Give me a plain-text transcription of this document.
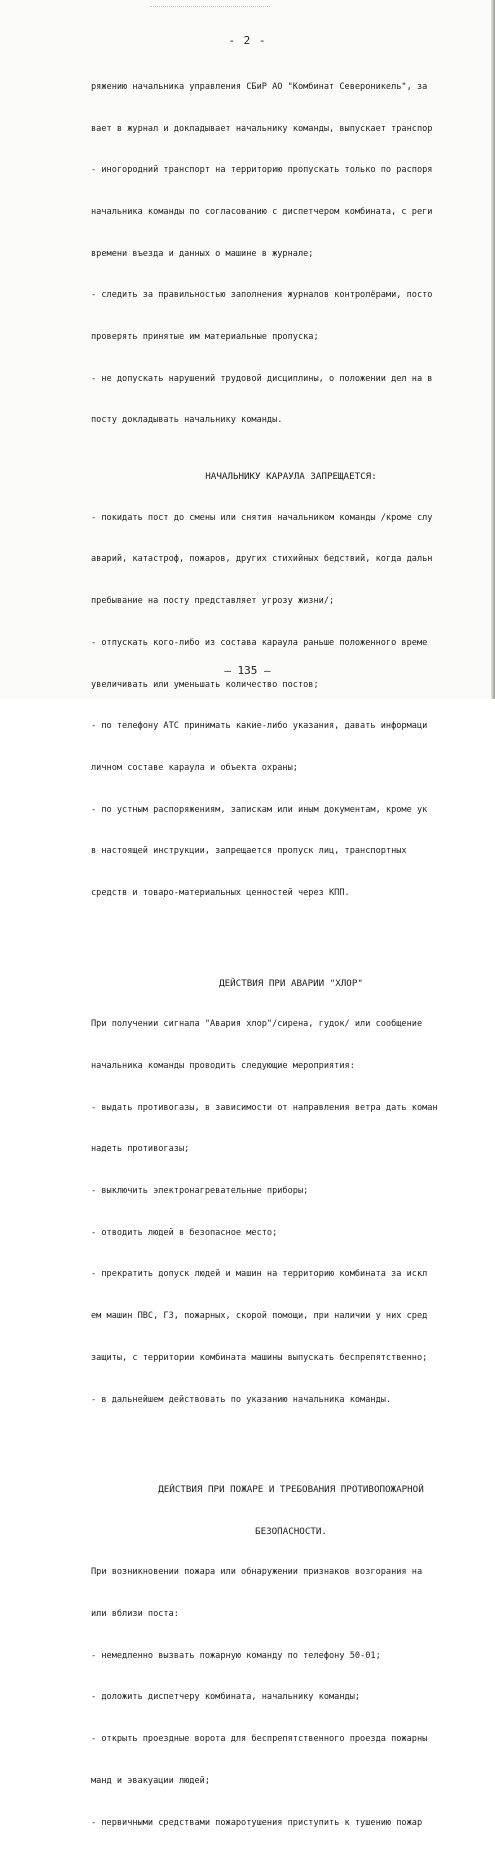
- 2 -

ряжению начальника управления СБиР АО "Комбинат Североникель", за

вает в журнал и докладывает начальнику команды, выпускает транспор

- иногородний транспорт на территорию пропускать только по распоря

начальника команды по согласованию с диспетчером комбината, с реги

времени въезда и данных о машине в журнале;

- следить за правильностью заполнения журналов контролёрами, посто

проверять принятые им материальные пропуска;

- не допускать нарушений трудовой дисциплины, о положении дел на в

посту докладывать начальнику команды.

НАЧАЛЬНИКУ КАРАУЛА ЗАПРЕЩАЕТСЯ:

- покидать пост до смены или снятия начальником команды /кроме слу

аварий, катастроф, пожаров, других стихийных бедствий, когда дальн

пребывание на посту представляет угрозу жизни/;

- отпускать кого-либо из состава караула раньше положенного време

увеличивать или уменьшать количество постов;

- по телефону АТС принимать какие-либо указания, давать информаци

личном составе караула и объекта охраны;

- по устным распоряжениям, запискам или иным документам, кроме ук

в настоящей инструкции, запрещается пропуск лиц, транспортных

средств и товаро-материальных ценностей через КПП.

ДЕЙСТВИЯ ПРИ АВАРИИ "ХЛОР"

При получении сигнала "Авария хлор"/сирена, гудок/ или сообщение

начальника команды проводить следующие мероприятия:

- выдать противогазы, в зависимости от направления ветра дать коман

надеть противогазы;

- выключить электронагревательные приборы;

- отводить людей в безопасное место;

- прекратить допуск людей и машин на территорию комбината за искл

ем машин ПВС, ГЗ, пожарных, скорой помощи, при наличии у них сред

защиты, с территории комбината машины выпускать беспрепятственно;

- в дальнейшем действовать по указанию начальника команды.

ДЕЙСТВИЯ ПРИ ПОЖАРЕ И ТРЕБОВАНИЯ ПРОТИВОПОЖАРНОЙ

БЕЗОПАСНОСТИ.

При возникновении пожара или обнаружении признаков возгорания на

или вблизи поста:

- немедленно вызвать пожарную команду по телефону 50-01;

- доложить диспетчеру комбината, начальнику команды;

- открыть проездные ворота для беспрепятственного проезда пожарны

манд и эвакуации людей;

- первичными средствами пожаротушения приступить к тушению пожар

– 135 –
